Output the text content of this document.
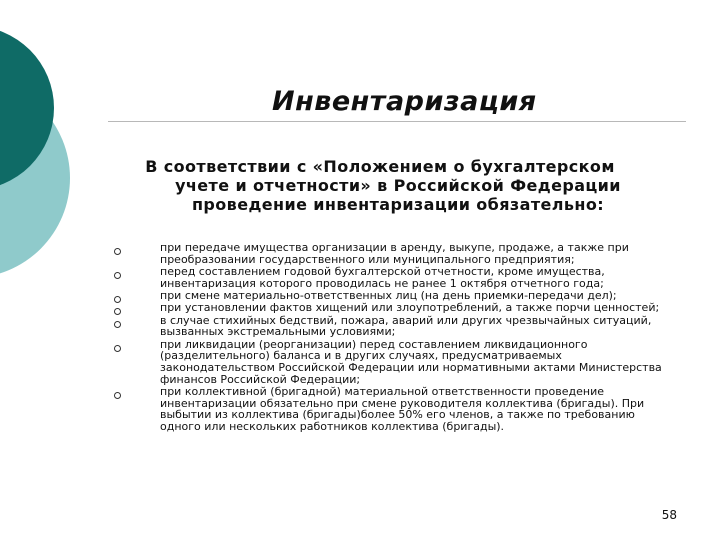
Инвентаризация
В соответствии с «Положением о бухгалтерском
учете и отчетности» в Российской Федерации
проведение инвентаризации обязательно:
при передаче имущества организации в аренду, выкупе, продаже, а также при преобразовании государственного или муниципального предприятия;
перед составлением годовой бухгалтерской отчетности, кроме имущества, инвентаризация которого проводилась не ранее 1 октября отчетного года;
при смене материально-ответственных лиц (на день приемки-передачи дел);
при установлении фактов хищений или злоупотреблений, а также порчи ценностей;
в случае стихийных бедствий, пожара, аварий или других чрезвычайных ситуаций, вызванных экстремальными условиями;
при ликвидации (реорганизации) перед составлением ликвидационного (разделительного) баланса и в других случаях, предусматриваемых законодательством Российской Федерации или нормативными актами Министерства финансов Российской Федерации;
при коллективной (бригадной) материальной ответственности проведение инвентаризации обязательно при смене руководителя коллектива (бригады). При выбытии из коллектива (бригады)более 50% его членов, а также по требованию одного или нескольких работников коллектива (бригады).
58
